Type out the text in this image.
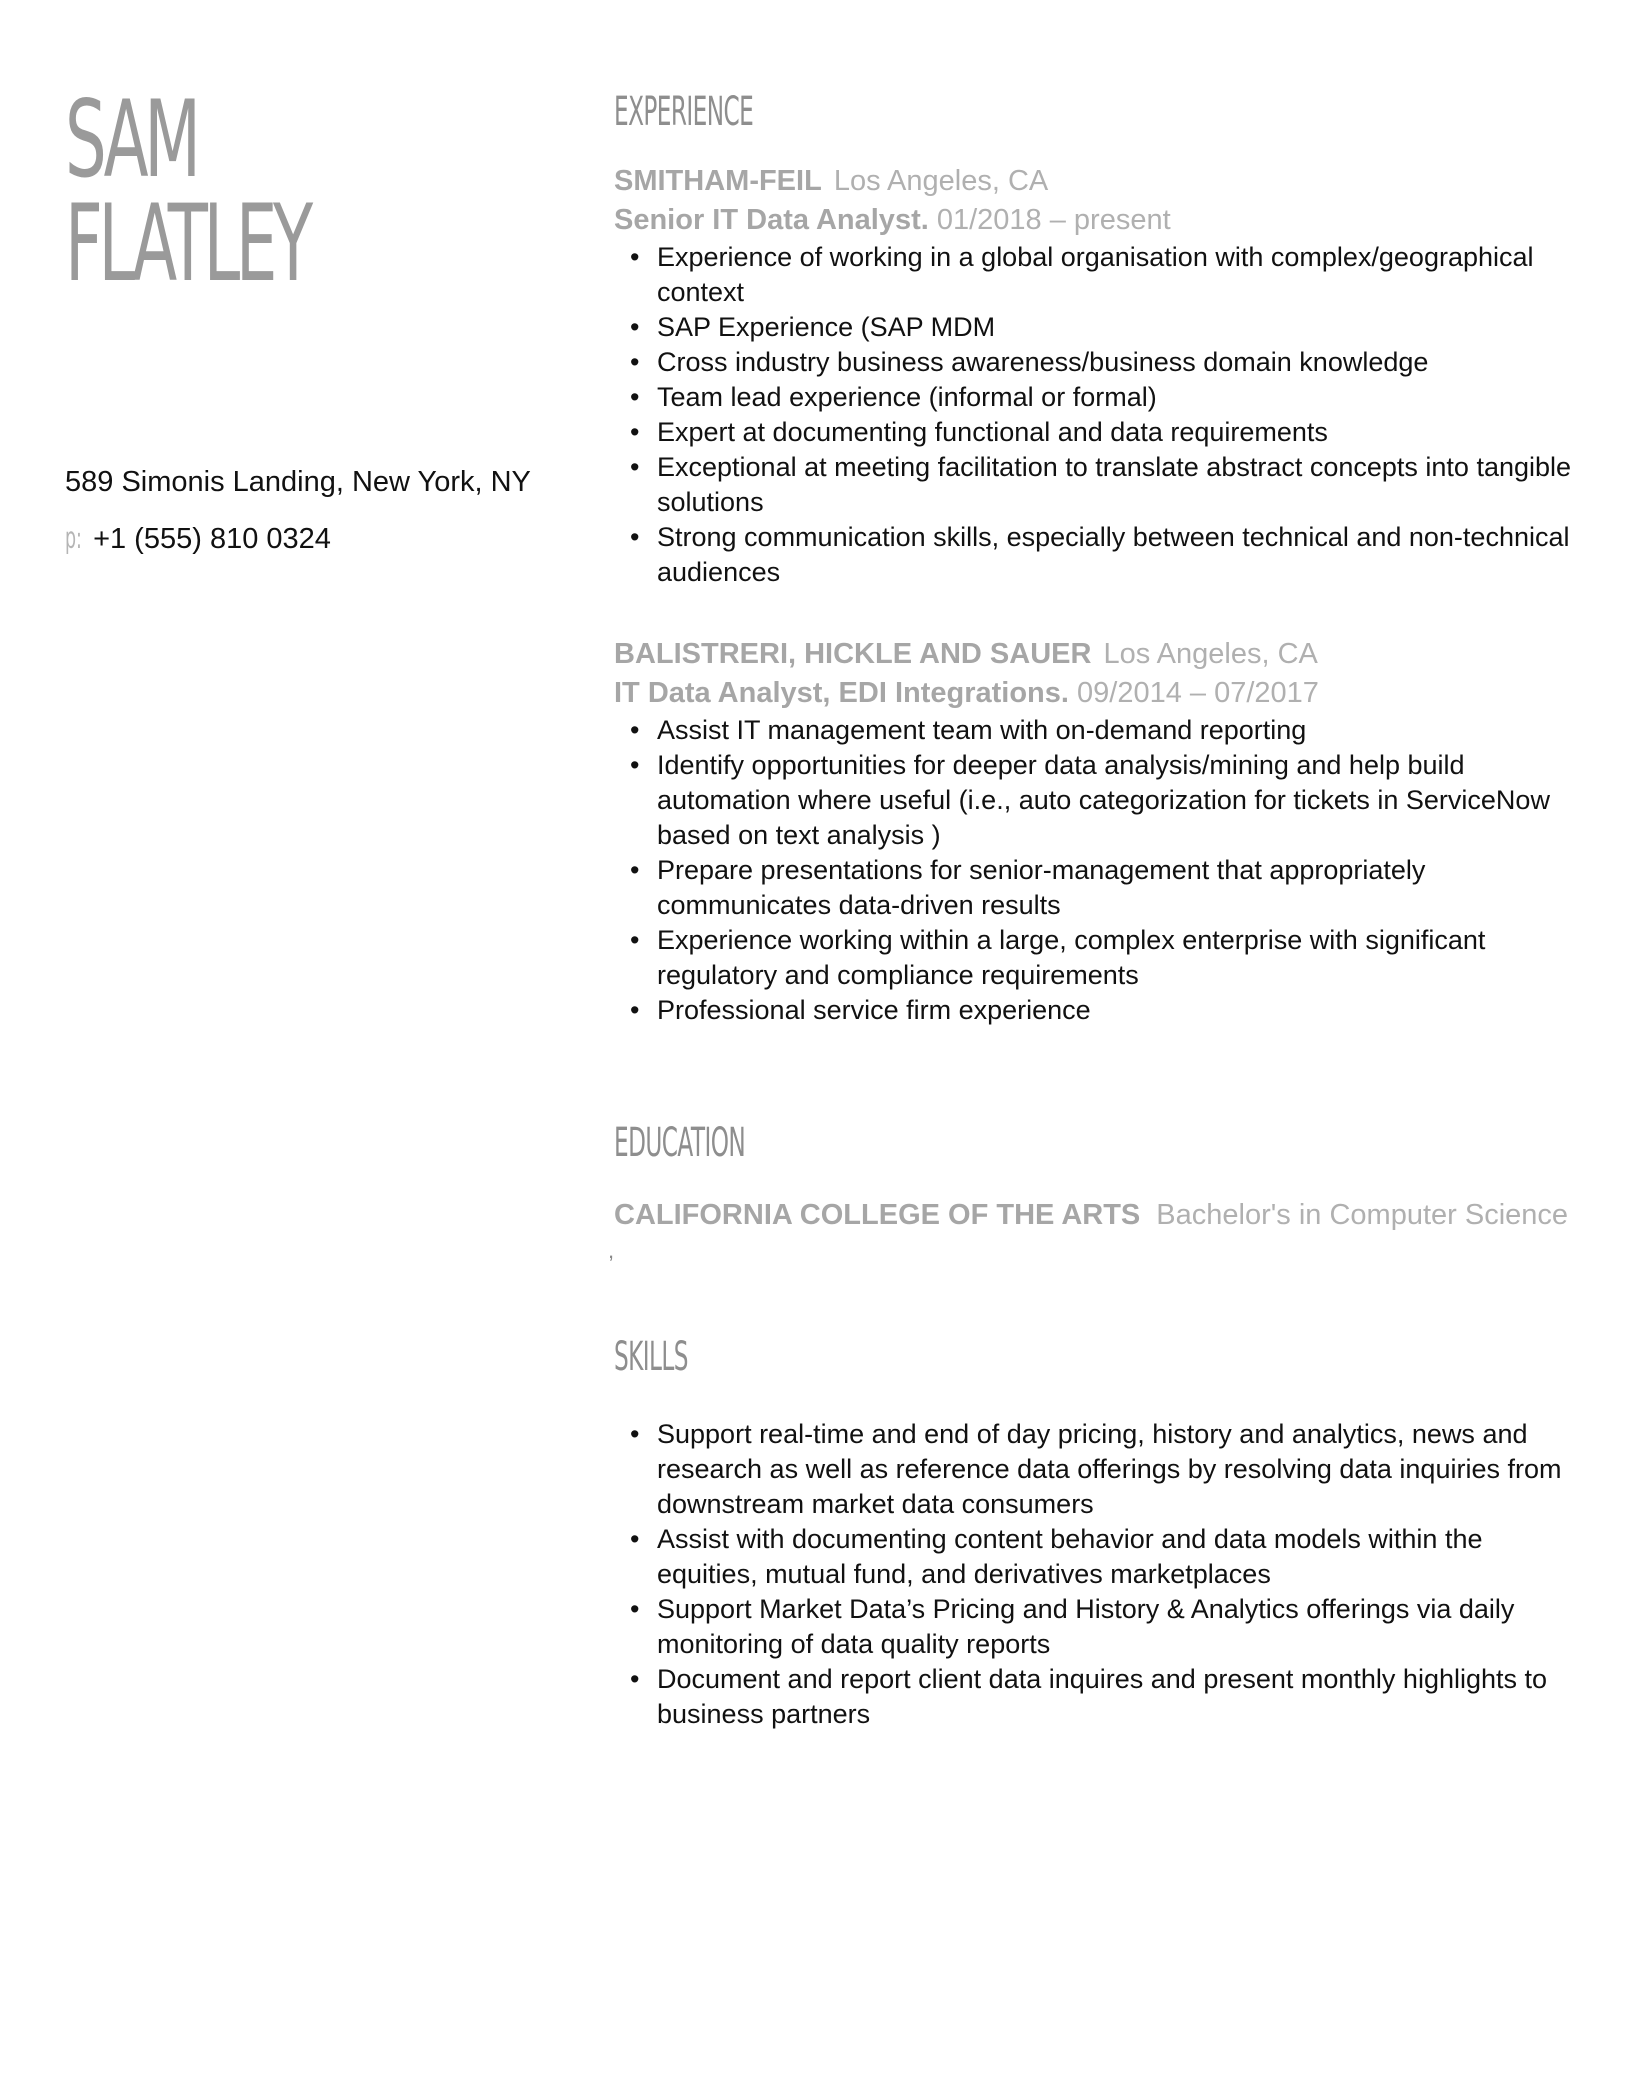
SAM
FLATLEY

589 Simonis Landing, New York, NY

p: +1 (555) 810 0324

EXPERIENCE
SMITHAM-FEIL Los Angeles, CA
Senior IT Data Analyst. 01/2018 – present
• Experience of working in a global organisation with complex/geographical context
• SAP Experience (SAP MDM
• Cross industry business awareness/business domain knowledge
• Team lead experience (informal or formal)
• Expert at documenting functional and data requirements
• Exceptional at meeting facilitation to translate abstract concepts into tangible solutions
• Strong communication skills, especially between technical and non-technical audiences
BALISTRERI, HICKLE AND SAUER Los Angeles, CA
IT Data Analyst, EDI Integrations. 09/2014 – 07/2017
• Assist IT management team with on-demand reporting
• Identify opportunities for deeper data analysis/mining and help build automation where useful (i.e., auto categorization for tickets in ServiceNow based on text analysis )
• Prepare presentations for senior-management that appropriately communicates data-driven results
• Experience working within a large, complex enterprise with significant regulatory and compliance requirements
• Professional service firm experience
EDUCATION
CALIFORNIA COLLEGE OF THE ARTS Bachelor's in Computer Science
,
SKILLS
• Support real-time and end of day pricing, history and analytics, news and research as well as reference data offerings by resolving data inquiries from downstream market data consumers
• Assist with documenting content behavior and data models within the equities, mutual fund, and derivatives marketplaces
• Support Market Data’s Pricing and History & Analytics offerings via daily monitoring of data quality reports
• Document and report client data inquires and present monthly highlights to business partners
